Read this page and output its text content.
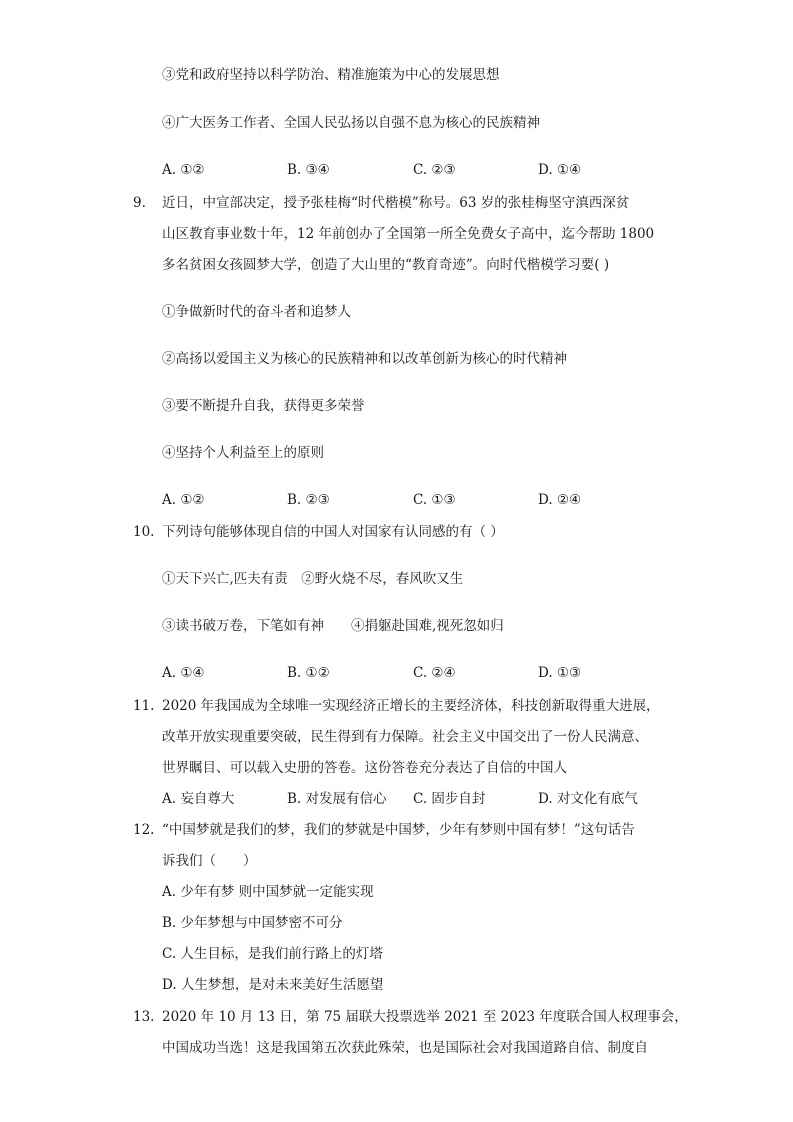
③党和政府坚持以科学防治、精准施策为中心的发展思想
④广大医务工作者、全国人民弘扬以自强不息为核心的民族精神
A. ①②	B. ③④	C. ②③	D. ①④
9. 近日，中宣部决定，授予张桂梅“时代楷模”称号。63 岁的张桂梅坚守滇西深贫
山区教育事业数十年，12 年前创办了全国第一所全免费女子高中，迄今帮助 1800
多名贫困女孩圆梦大学，创造了大山里的“教育奇迹”。向时代楷模学习要( )
①争做新时代的奋斗者和追梦人
②高扬以爱国主义为核心的民族精神和以改革创新为核心的时代精神
③要不断提升自我，获得更多荣誉
④坚持个人利益至上的原则
A. ①②	B. ②③	C. ①③	D. ②④
10. 下列诗句能够体现自信的中国人对国家有认同感的有（ ）
①天下兴亡,匹夫有责　②野火烧不尽，春风吹又生
③读书破万卷，下笔如有神　　④捐躯赴国难,视死忽如归
A. ①④	B. ①②	C. ②④	D. ①③
11. 2020 年我国成为全球唯一实现经济正增长的主要经济体，科技创新取得重大进展，
改革开放实现重要突破，民生得到有力保障。社会主义中国交出了一份人民满意、
世界瞩目、可以载入史册的答卷。这份答卷充分表达了自信的中国人
A. 妄自尊大	B. 对发展有信心 C. 固步自封	D. 对文化有底气
12. “中国梦就是我们的梦，我们的梦就是中国梦，少年有梦则中国有梦！”这句话告
诉我们（　　）
A. 少年有梦 则中国梦就一定能实现
B. 少年梦想与中国梦密不可分
C. 人生目标，是我们前行路上的灯塔
D. 人生梦想，是对未来美好生活愿望
13. 2020 年 10 月 13 日，第 75 届联大投票选举 2021 至 2023 年度联合国人权理事会，
中国成功当选！这是我国第五次获此殊荣，也是国际社会对我国道路自信、制度自
